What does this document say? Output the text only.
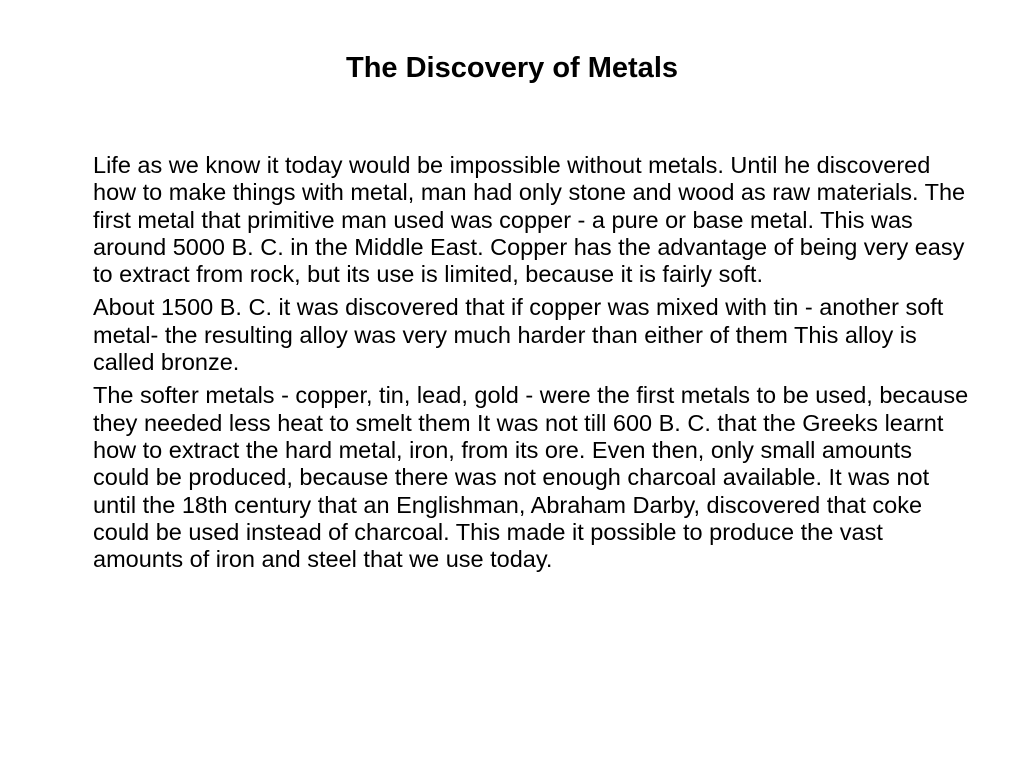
The Discovery of Metals

Life as we know it today would be impossible without metals. Until he discovered how to make things with metal, man had only stone and wood as raw materials. The first metal that primitive man used was copper - a pure or base metal. This was around 5000 B. C. in the Middle East. Copper has the advantage of being very easy to extract from rock, but its use is limited, because it is fairly soft.

About 1500 B. C. it was discovered that if copper was mixed with tin - another soft metal- the resulting alloy was very much harder than either of them This alloy is called bronze.

The softer metals - copper, tin, lead, gold - were the first metals to be used, because they needed less heat to smelt them It was not till 600 B. C. that the Greeks learnt how to extract the hard metal, iron, from its ore. Even then, only small amounts could be produced, because there was not enough charcoal available. It was not until the 18th century that an Englishman, Abraham Darby, discovered that coke could be used instead of charcoal. This made it possible to produce the vast amounts of iron and steel that we use today.
